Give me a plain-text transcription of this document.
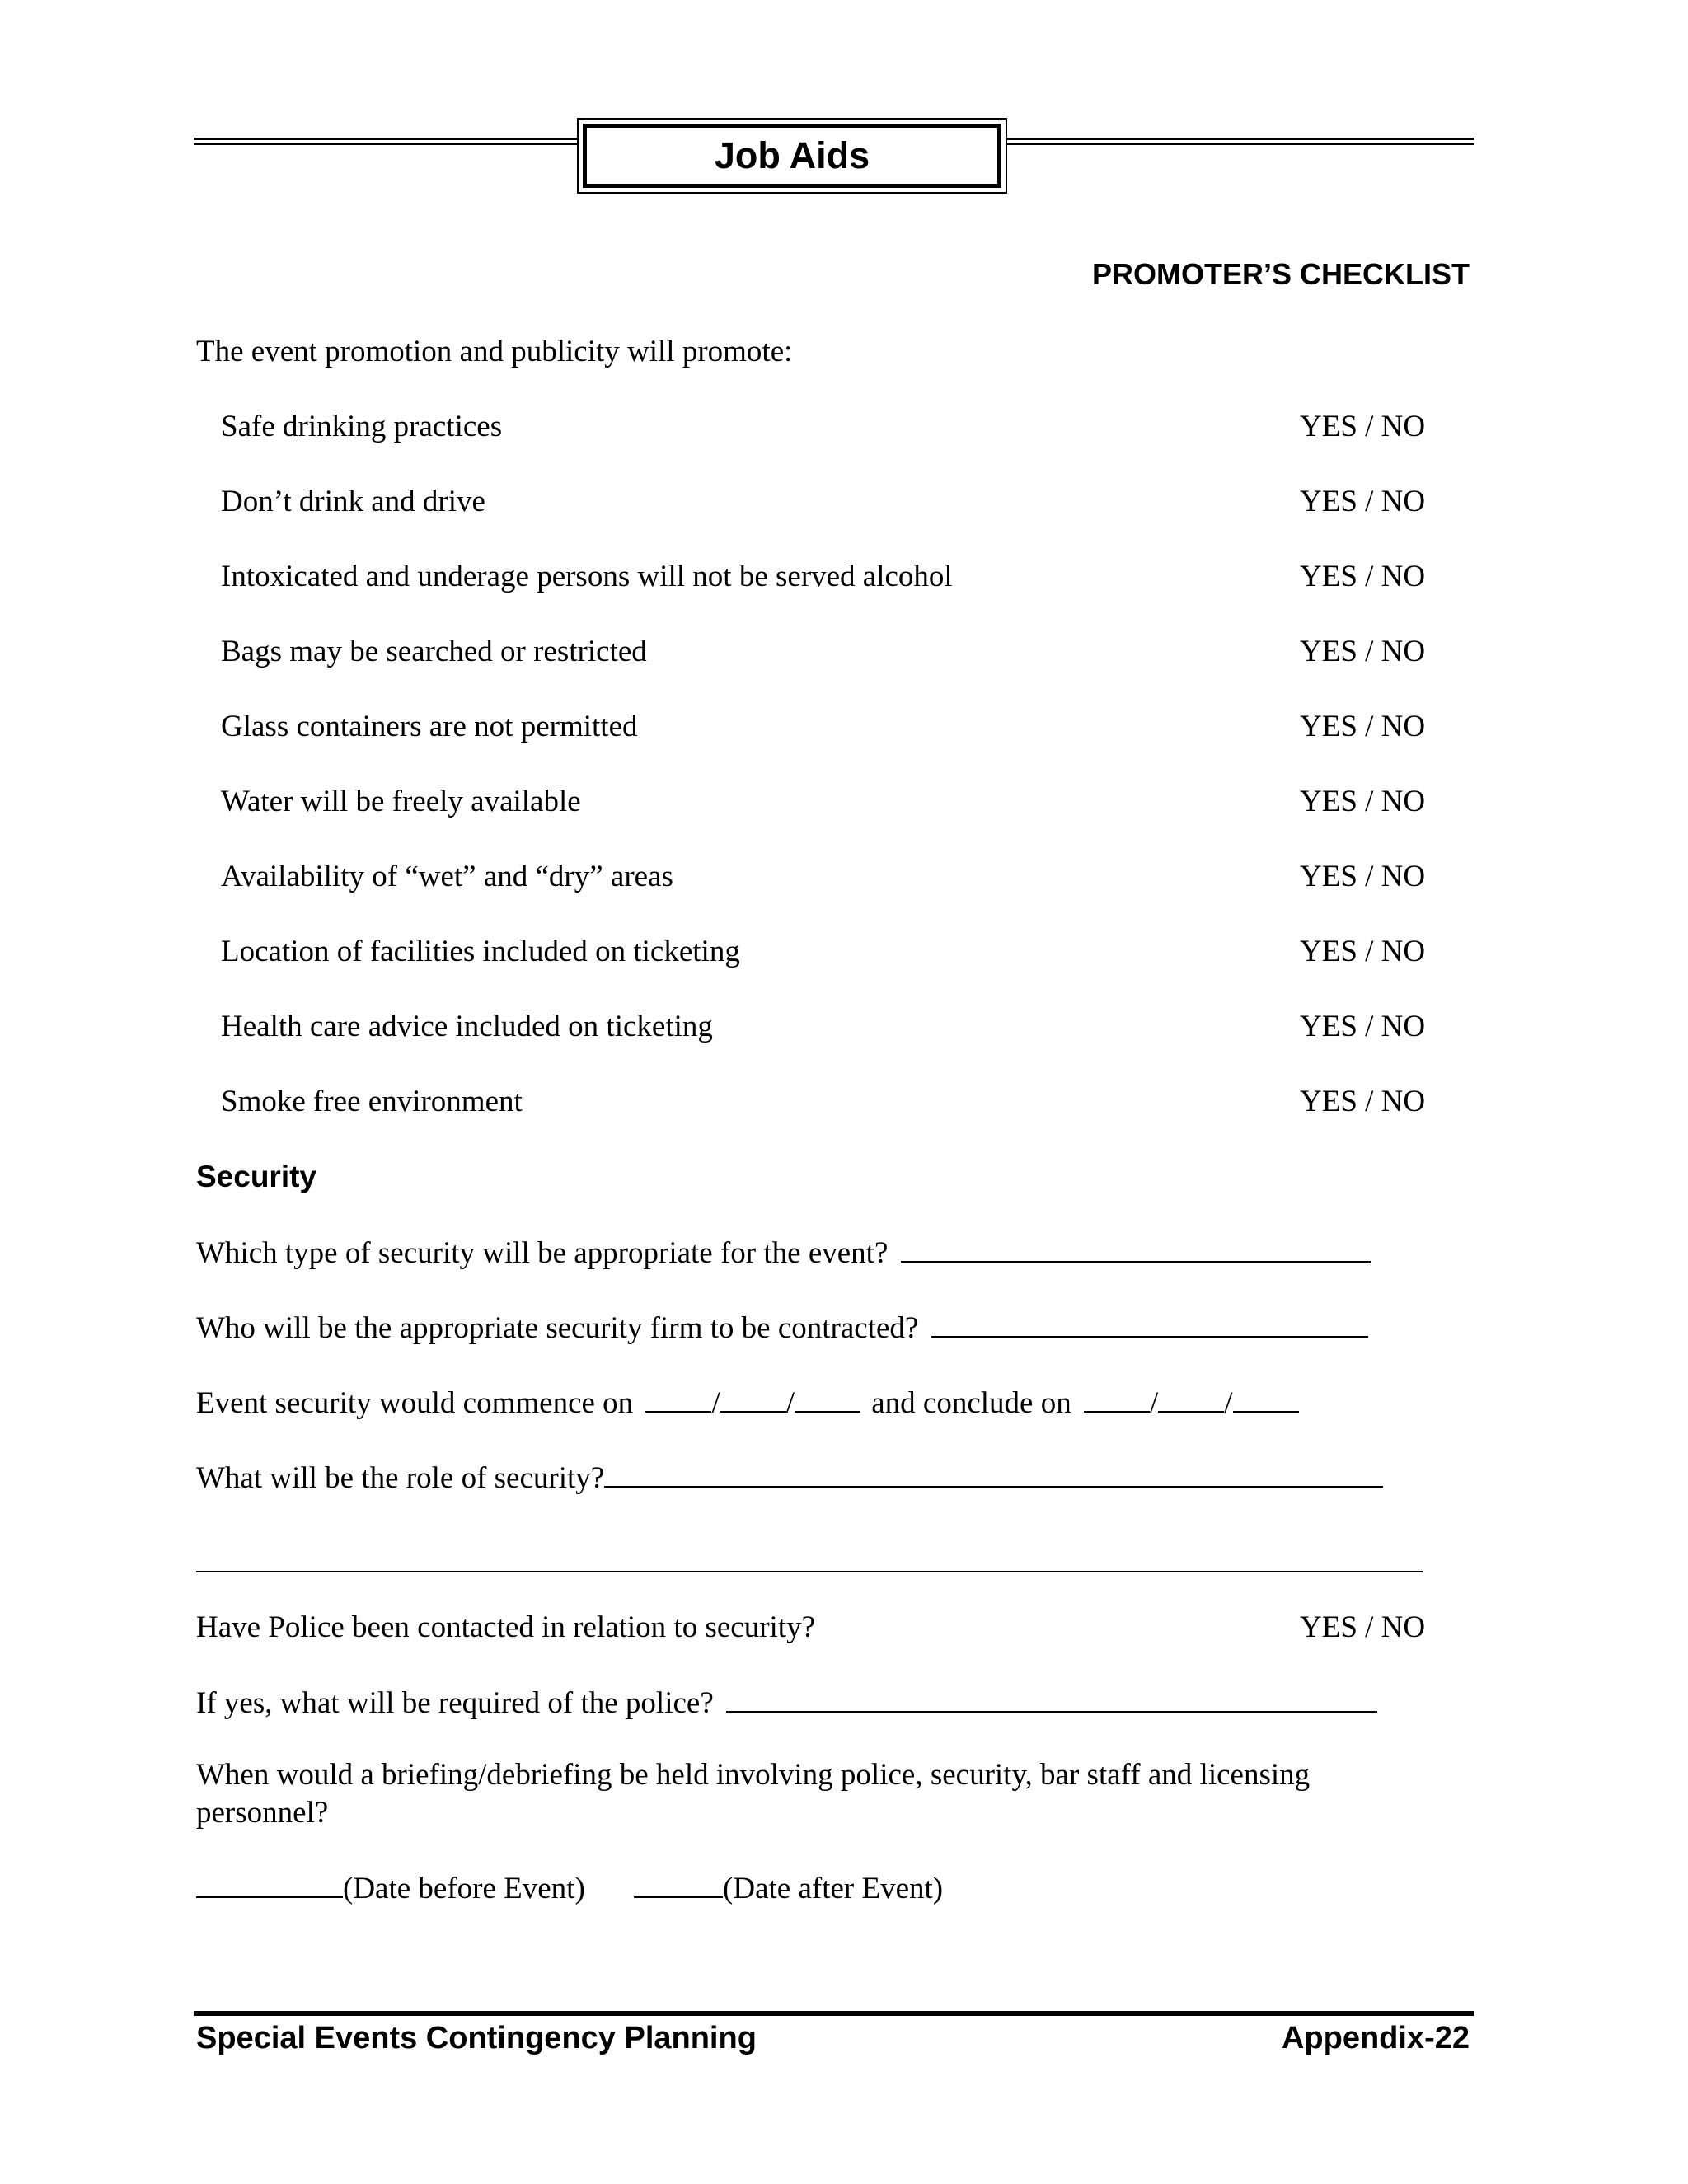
Job Aids
PROMOTER’S CHECKLIST
The event promotion and publicity will promote:
Safe drinking practices	YES / NO
Don’t drink and drive	YES / NO
Intoxicated and underage persons will not be served alcohol	YES / NO
Bags may be searched or restricted	YES / NO
Glass containers are not permitted	YES / NO
Water will be freely available	YES / NO
Availability of “wet” and “dry” areas	YES / NO
Location of facilities included on ticketing	YES / NO
Health care advice included on ticketing	YES / NO
Smoke free environment	YES / NO
Security
Which type of security will be appropriate for the event?
Who will be the appropriate security firm to be contracted?
Event security would commence on	/ /	and conclude on	/ /
What will be the role of security?
Have Police been contacted in relation to security?	YES / NO
If yes, what will be required of the police?
When would a briefing/debriefing be held involving police, security, bar staff and licensing
personnel?
(Date before Event)	(Date after Event)
Special Events Contingency Planning	Appendix-22
